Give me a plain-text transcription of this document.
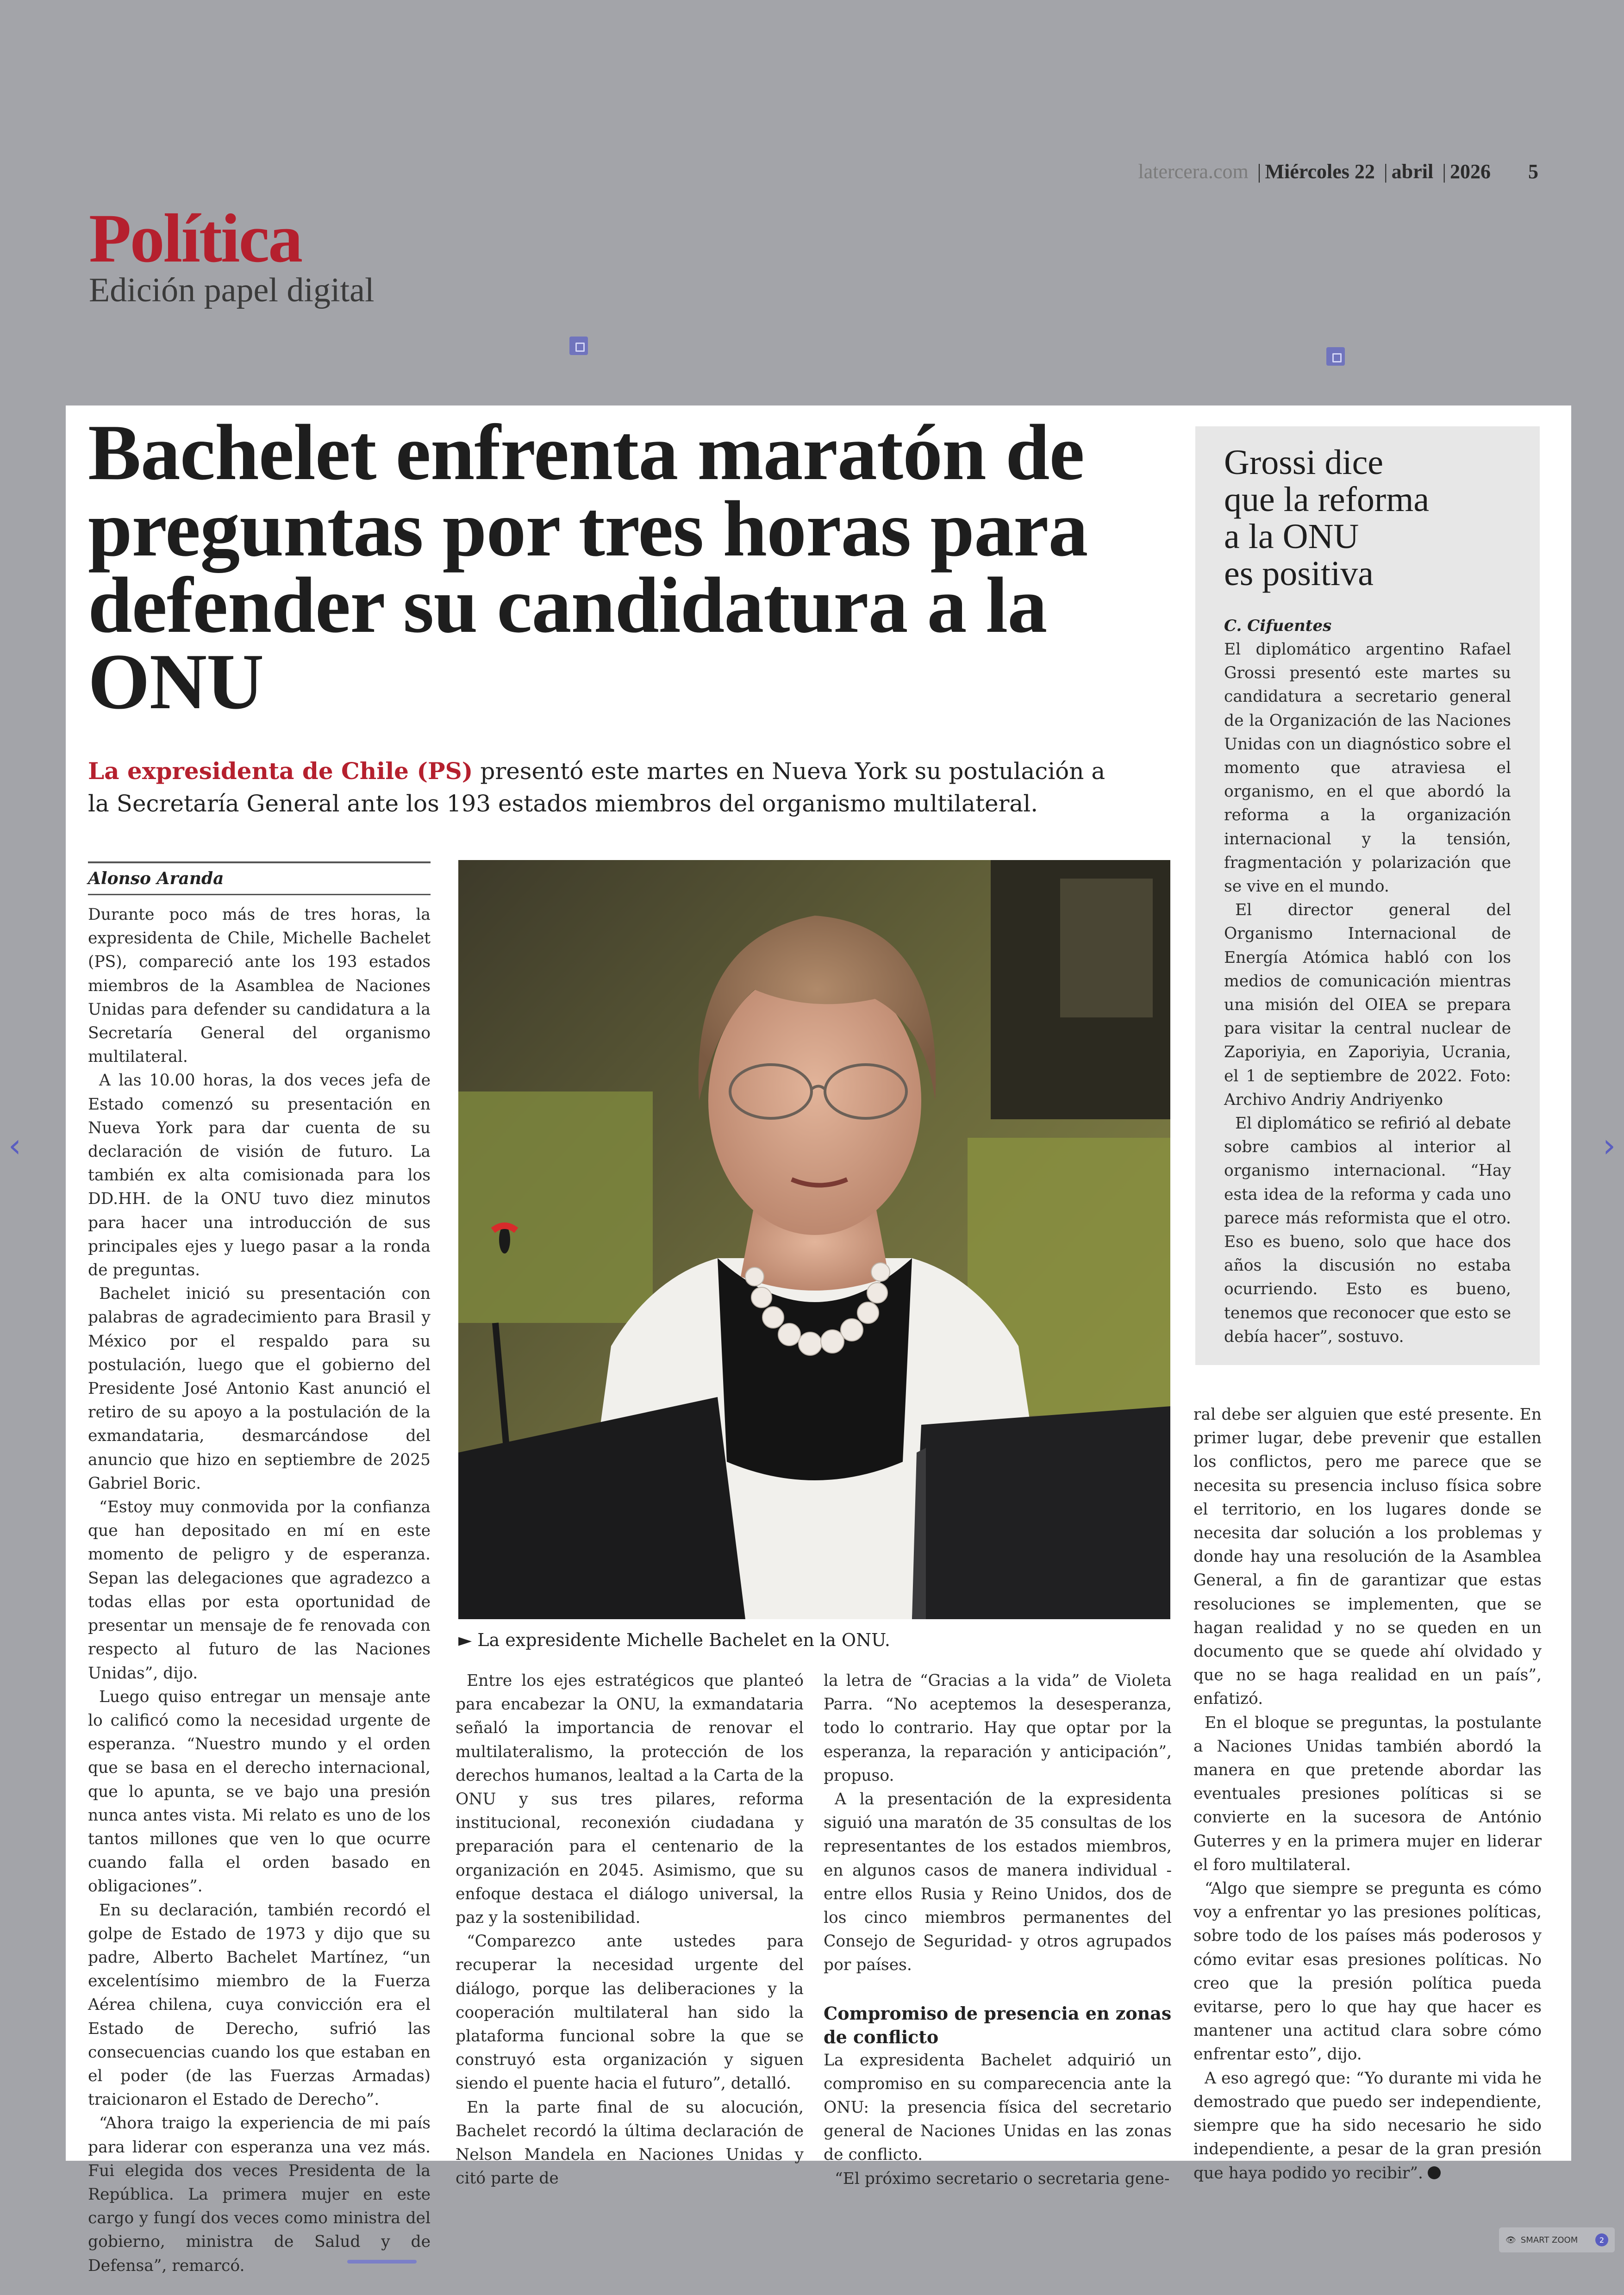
latercera.com | Miércoles 22 | abril | 2026 5
Política
Edición papel digital
Bachelet enfrenta maratón de preguntas por tres horas para defender su candidatura a la ONU
La expresidenta de Chile (PS) presentó este martes en Nueva York su postulación a la Secretaría General ante los 193 estados miembros del organismo multilateral.
Alonso Aranda

Durante poco más de tres horas, la expresidenta de Chile, Michelle Bachelet (PS), compareció ante los 193 estados miembros de la Asamblea de Naciones Unidas para defender su candidatura a la Secretaría General del organismo multilateral.

A las 10.00 horas, la dos veces jefa de Estado comenzó su presentación en Nueva York para dar cuenta de su declaración de visión de futuro. La también ex alta comisionada para los DD.HH. de la ONU tuvo diez minutos para hacer una introducción de sus principales ejes y luego pasar a la ronda de preguntas.

Bachelet inició su presentación con palabras de agradecimiento para Brasil y México por el respaldo para su postulación, luego que el gobierno del Presidente José Antonio Kast anunció el retiro de su apoyo a la postulación de la exmandataria, desmarcándose del anuncio que hizo en septiembre de 2025 Gabriel Boric.

“Estoy muy conmovida por la confianza que han depositado en mí en este momento de peligro y de esperanza. Sepan las delegaciones que agradezco a todas ellas por esta oportunidad de presentar un mensaje de fe renovada con respecto al futuro de las Naciones Unidas”, dijo.

Luego quiso entregar un mensaje ante lo calificó como la necesidad urgente de esperanza. “Nuestro mundo y el orden que se basa en el derecho internacional, que lo apunta, se ve bajo una presión nunca antes vista. Mi relato es uno de los tantos millones que ven lo que ocurre cuando falla el orden basado en obligaciones”.

En su declaración, también recordó el golpe de Estado de 1973 y dijo que su padre, Alberto Bachelet Martínez, “un excelentísimo miembro de la Fuerza Aérea chilena, cuya convicción era el Estado de Derecho, sufrió las consecuencias cuando los que estaban en el poder (de las Fuerzas Armadas) traicionaron el Estado de Derecho”.

“Ahora traigo la experiencia de mi país para liderar con esperanza una vez más. Fui elegida dos veces Presidenta de la República. La primera mujer en este cargo y fungí dos veces como ministra del gobierno, ministra de Salud y de Defensa”, remarcó.

► La expresidente Michelle Bachelet en la ONU.

Entre los ejes estratégicos que planteó para encabezar la ONU, la exmandataria señaló la importancia de renovar el multilateralismo, la protección de los derechos humanos, lealtad a la Carta de la ONU y sus tres pilares, reforma institucional, reconexión ciudadana y preparación para el centenario de la organización en 2045. Asimismo, que su enfoque destaca el diálogo universal, la paz y la sostenibilidad.

“Comparezco ante ustedes para recuperar la necesidad urgente del diálogo, porque las deliberaciones y la cooperación multilateral han sido la plataforma funcional sobre la que se construyó esta organización y siguen siendo el puente hacia el futuro”, detalló.

En la parte final de su alocución, Bachelet recordó la última declaración de Nelson Mandela en Naciones Unidas y citó parte de

la letra de “Gracias a la vida” de Violeta Parra. “No aceptemos la desesperanza, todo lo contrario. Hay que optar por la esperanza, la reparación y anticipación”, propuso.

A la presentación de la expresidenta siguió una maratón de 35 consultas de los representantes de los estados miembros, en algunos casos de manera individual -entre ellos Rusia y Reino Unidos, dos de los cinco miembros permanentes del Consejo de Seguridad- y otros agrupados por países.

Compromiso de presencia en zonas de conflicto

La expresidenta Bachelet adquirió un compromiso en su comparecencia ante la ONU: la presencia física del secretario general de Naciones Unidas en las zonas de conflicto.

“El próximo secretario o secretaria gene-

ral debe ser alguien que esté presente. En primer lugar, debe prevenir que estallen los conflictos, pero me parece que se necesita su presencia incluso física sobre el territorio, en los lugares donde se necesita dar solución a los problemas y donde hay una resolución de la Asamblea General, a fin de garantizar que estas resoluciones se implementen, que se hagan realidad y no se queden en un documento que se quede ahí olvidado y que no se haga realidad en un país”, enfatizó.

En el bloque se preguntas, la postulante a Naciones Unidas también abordó la manera en que pretende abordar las eventuales presiones políticas si se convierte en la sucesora de António Guterres y en la primera mujer en liderar el foro multilateral.

“Algo que siempre se pregunta es cómo voy a enfrentar yo las presiones políticas, sobre todo de los países más poderosos y cómo evitar esas presiones políticas. No creo que la presión política pueda evitarse, pero lo que hay que hacer es mantener una actitud clara sobre cómo enfrentar esto”, dijo.

A eso agregó que: “Yo durante mi vida he demostrado que puedo ser independiente, siempre que ha sido necesario he sido independiente, a pesar de la gran presión que haya podido yo recibir”.

Grossi dice
que la reforma
a la ONU
es positiva
C. Cifuentes

El diplomático argentino Rafael Grossi presentó este martes su candidatura a secretario general de la Organización de las Naciones Unidas con un diagnóstico sobre el momento que atraviesa el organismo, en el que abordó la reforma a la organización internacional y la tensión, fragmentación y polarización que se vive en el mundo.

El director general del Organismo Internacional de Energía Atómica habló con los medios de comunicación mientras una misión del OIEA se prepara para visitar la central nuclear de Zaporiyia, en Zaporiyia, Ucrania, el 1 de septiembre de 2022. Foto: Archivo Andriy Andriyenko

El diplomático se refirió al debate sobre cambios al interior al organismo internacional. “Hay esta idea de la reforma y cada uno parece más reformista que el otro. Eso es bueno, solo que hace dos años la discusión no estaba ocurriendo. Esto es bueno, tenemos que reconocer que esto se debía hacer”, sostuvo.

‹	›
👁 SMART ZOOM	2
